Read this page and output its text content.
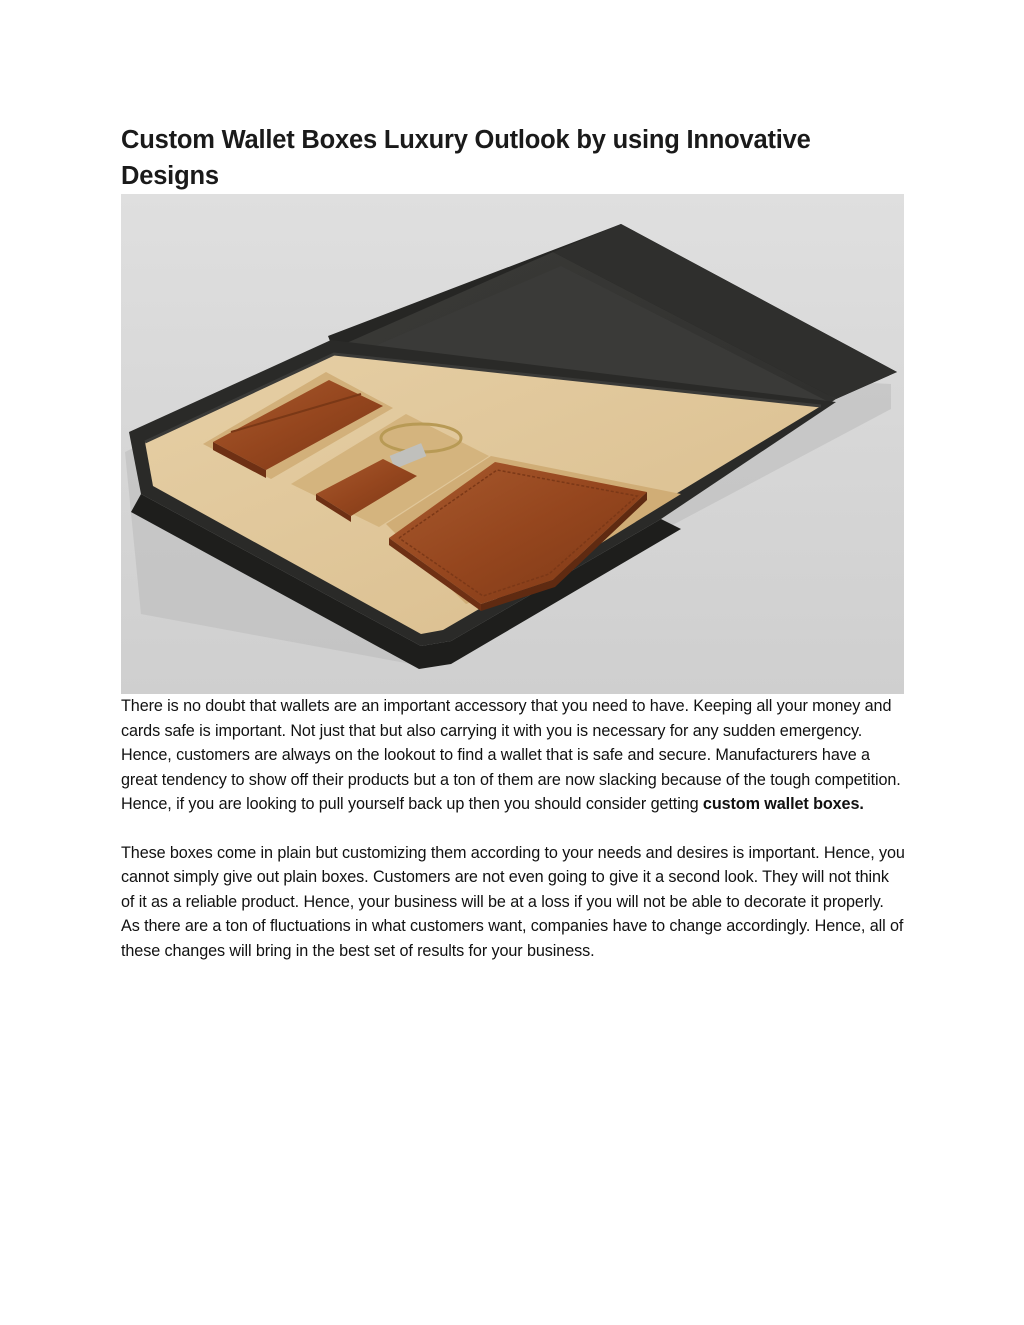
Custom Wallet Boxes Luxury Outlook by using Innovative Designs

There is no doubt that wallets are an important accessory that you need to have. Keeping all your money and cards safe is important. Not just that but also carrying it with you is necessary for any sudden emergency. Hence, customers are always on the lookout to find a wallet that is safe and secure. Manufacturers have a great tendency to show off their products but a ton of them are now slacking because of the tough competition. Hence, if you are looking to pull yourself back up then you should consider getting custom wallet boxes.

These boxes come in plain but customizing them according to your needs and desires is important. Hence, you cannot simply give out plain boxes. Customers are not even going to give it a second look. They will not think of it as a reliable product. Hence, your business will be at a loss if you will not be able to decorate it properly. As there are a ton of fluctuations in what customers want, companies have to change accordingly. Hence, all of these changes will bring in the best set of results for your business.
